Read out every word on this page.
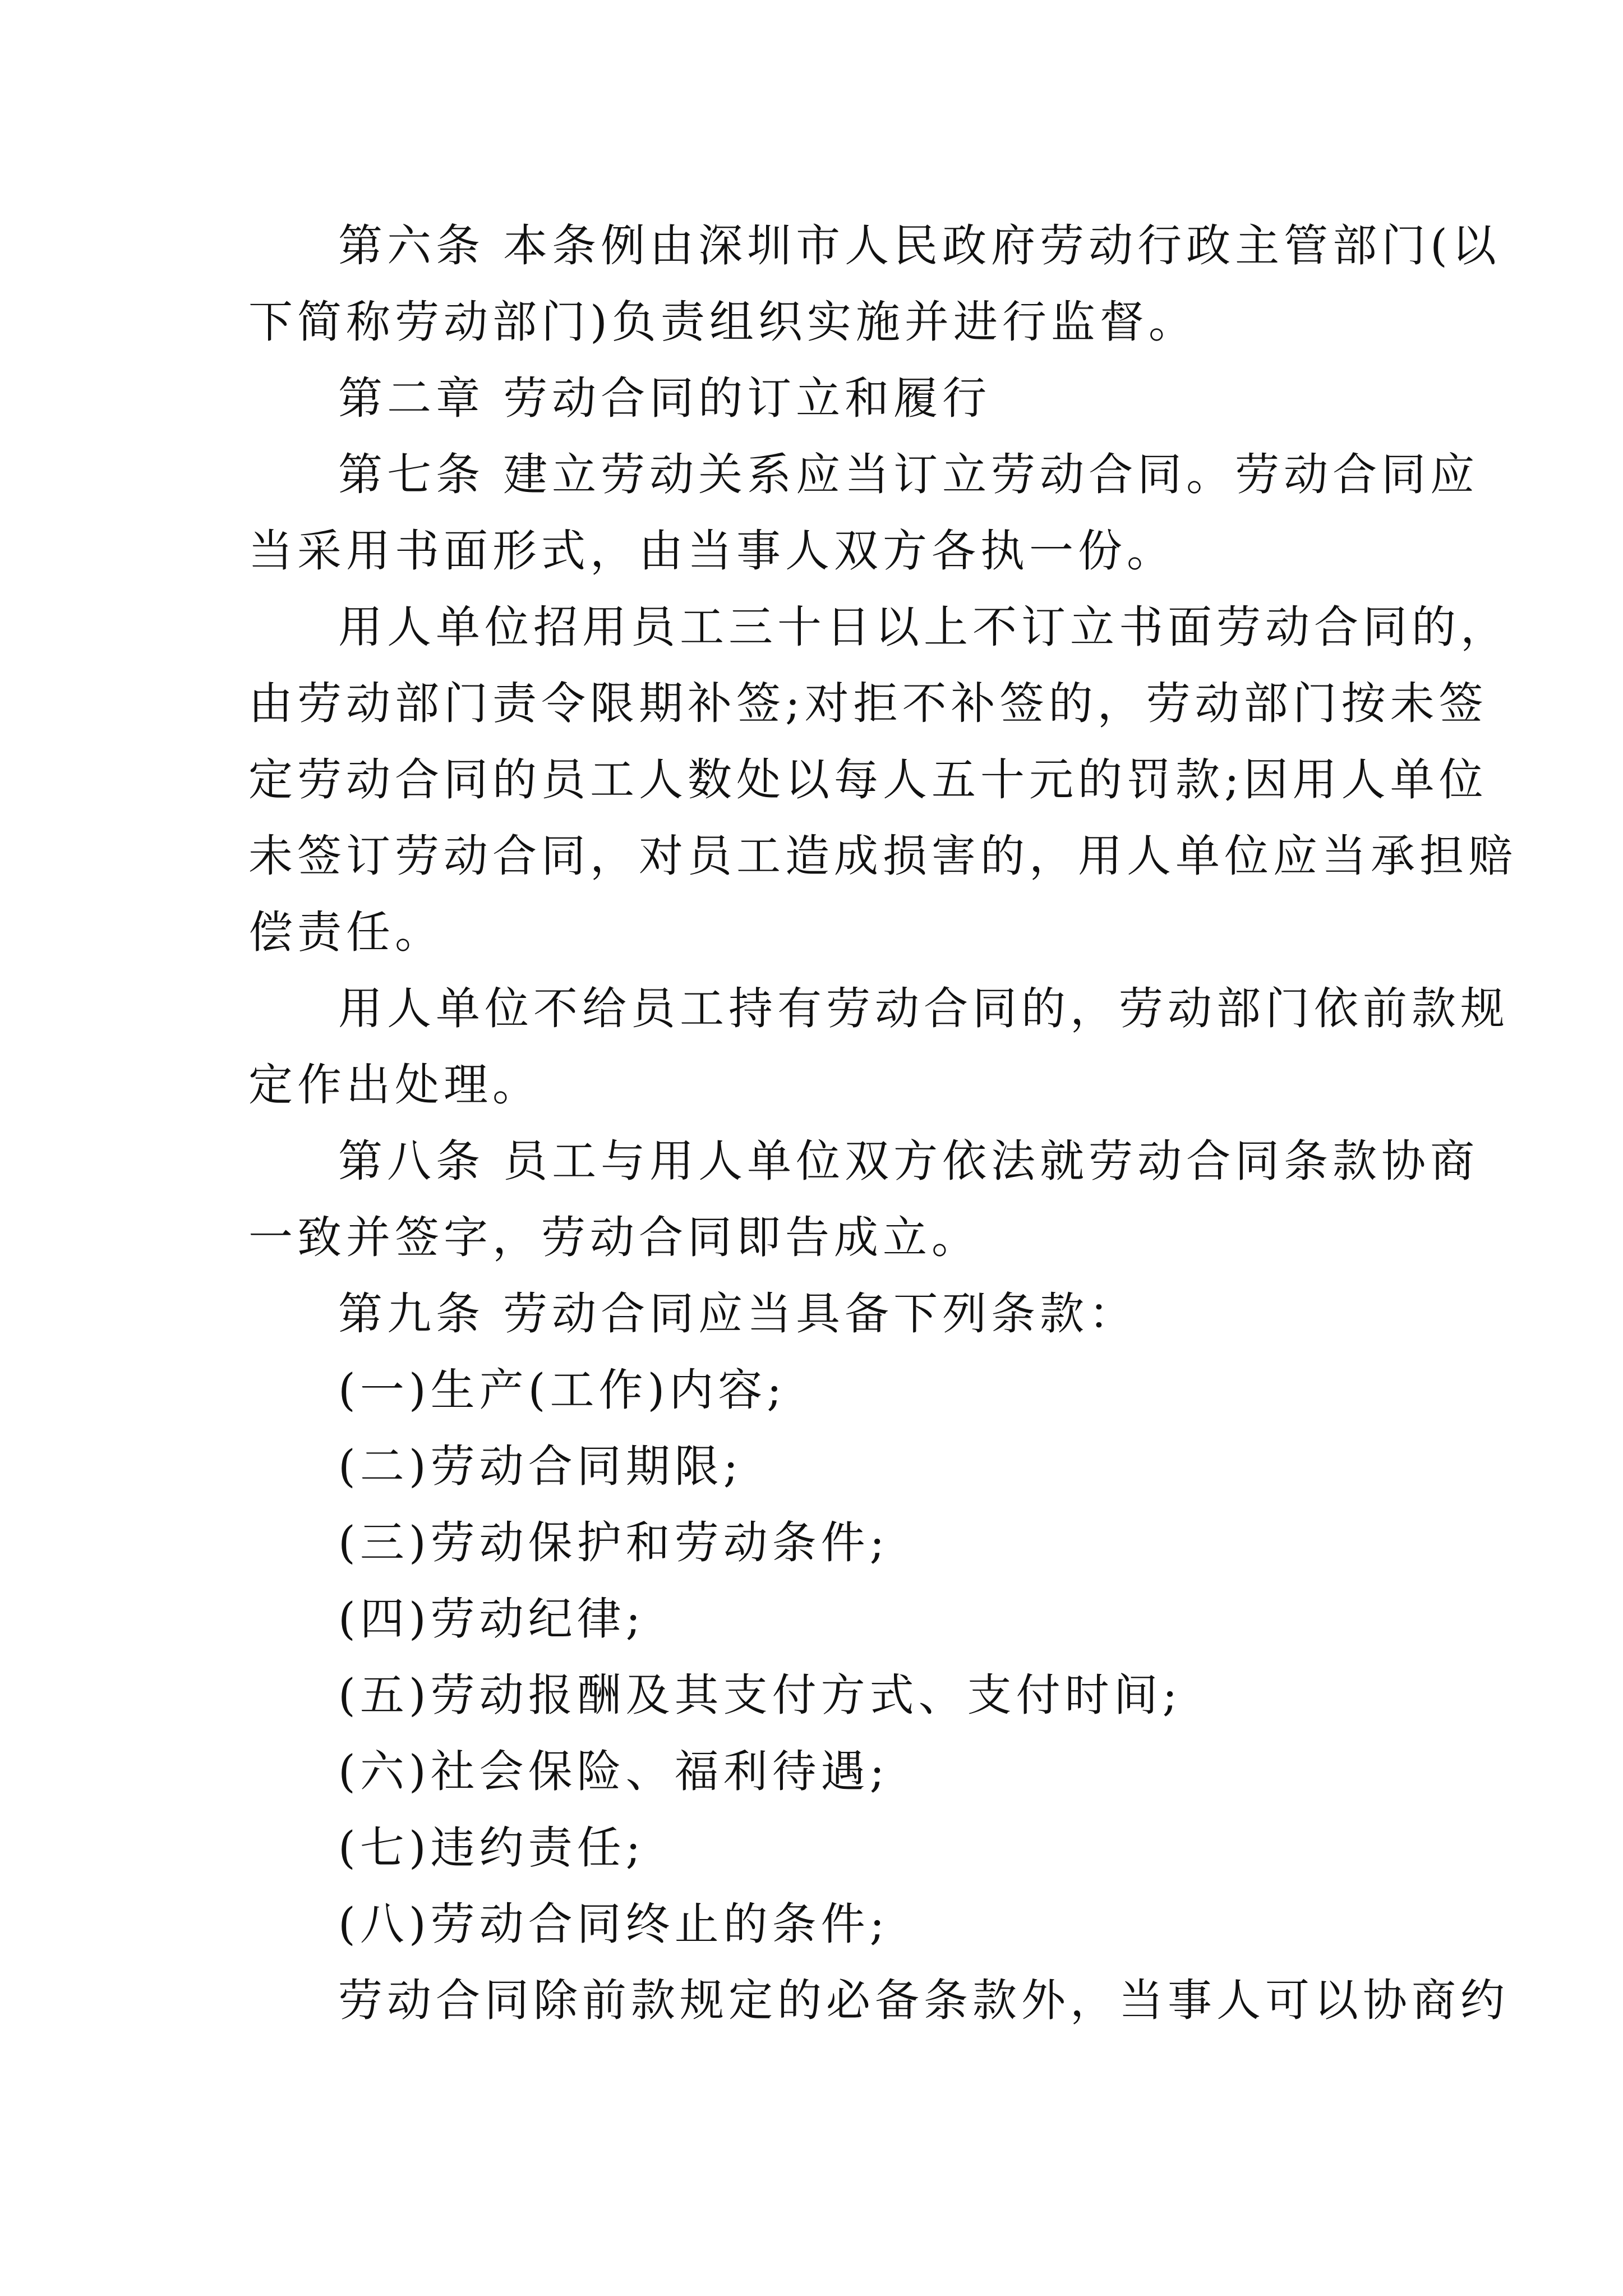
第六条 本条例由深圳市人民政府劳动行政主管部门(以
下简称劳动部门)负责组织实施并进行监督。
第二章 劳动合同的订立和履行
第七条 建立劳动关系应当订立劳动合同。劳动合同应
当采用书面形式，由当事人双方各执一份。
用人单位招用员工三十日以上不订立书面劳动合同的，
由劳动部门责令限期补签;对拒不补签的，劳动部门按未签
定劳动合同的员工人数处以每人五十元的罚款;因用人单位
未签订劳动合同，对员工造成损害的，用人单位应当承担赔
偿责任。
用人单位不给员工持有劳动合同的，劳动部门依前款规
定作出处理。
第八条 员工与用人单位双方依法就劳动合同条款协商
一致并签字，劳动合同即告成立。
第九条 劳动合同应当具备下列条款：
(一)生产(工作)内容;
(二)劳动合同期限;
(三)劳动保护和劳动条件;
(四)劳动纪律;
(五)劳动报酬及其支付方式、支付时间;
(六)社会保险、福利待遇;
(七)违约责任;
(八)劳动合同终止的条件;
劳动合同除前款规定的必备条款外，当事人可以协商约
